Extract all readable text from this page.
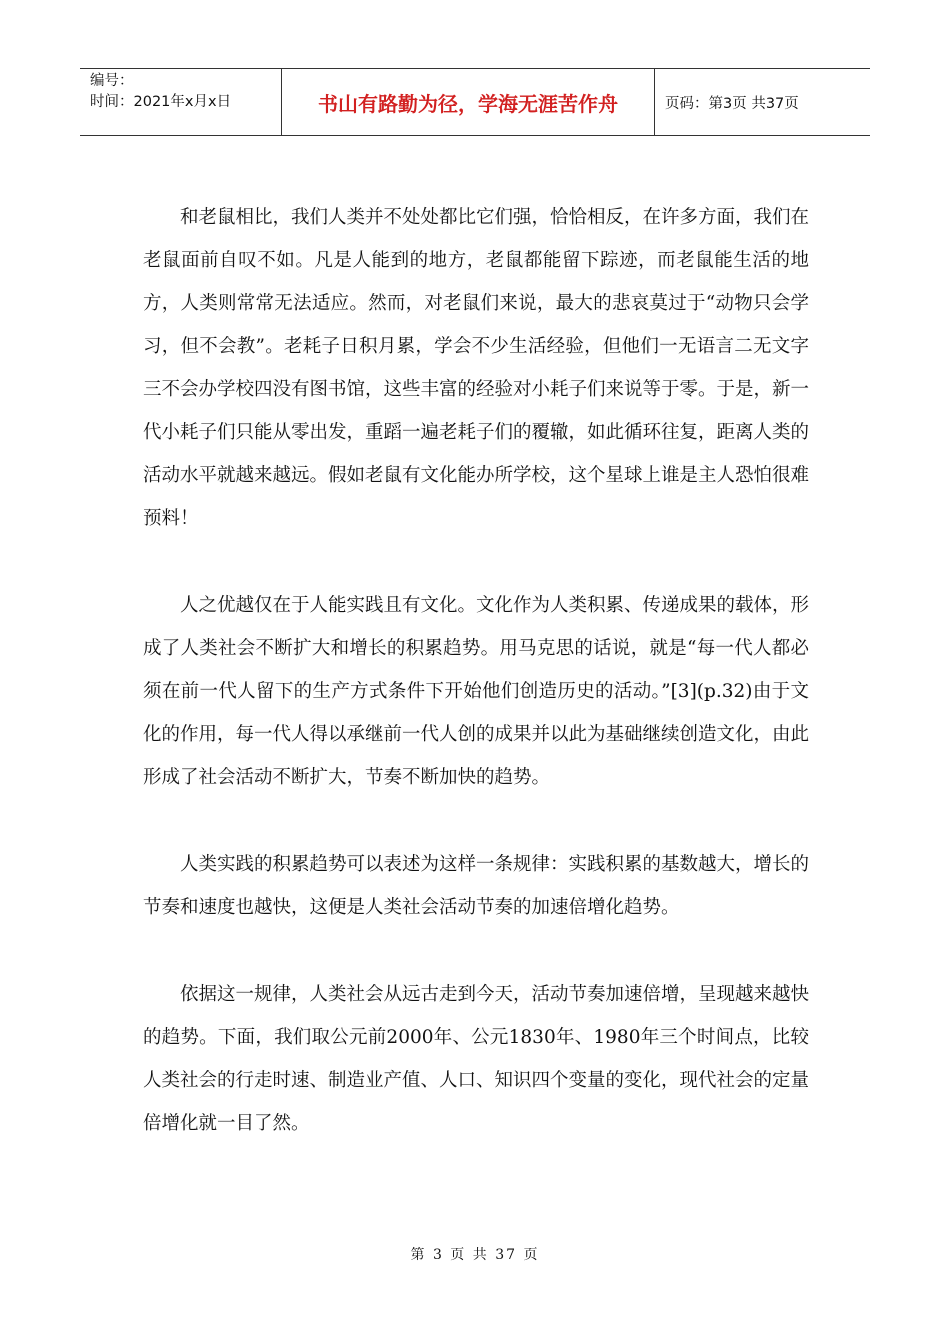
编号：
时间：2021年x月x日	书山有路勤为径，学海无涯苦作舟	页码：第3页 共37页

和老鼠相比，我们人类并不处处都比它们强，恰恰相反，在许多方面，我们在老鼠面前自叹不如。凡是人能到的地方，老鼠都能留下踪迹，而老鼠能生活的地方，人类则常常无法适应。然而，对老鼠们来说，最大的悲哀莫过于“动物只会学习，但不会教”。老耗子日积月累，学会不少生活经验，但他们一无语言二无文字三不会办学校四没有图书馆，这些丰富的经验对小耗子们来说等于零。于是，新一代小耗子们只能从零出发，重蹈一遍老耗子们的覆辙，如此循环往复，距离人类的活动水平就越来越远。假如老鼠有文化能办所学校，这个星球上谁是主人恐怕很难预料！

人之优越仅在于人能实践且有文化。文化作为人类积累、传递成果的载体，形成了人类社会不断扩大和增长的积累趋势。用马克思的话说，就是“每一代人都必须在前一代人留下的生产方式条件下开始他们创造历史的活动。”[3](p.32)由于文化的作用，每一代人得以承继前一代人创的成果并以此为基础继续创造文化，由此形成了社会活动不断扩大，节奏不断加快的趋势。

人类实践的积累趋势可以表述为这样一条规律：实践积累的基数越大，增长的节奏和速度也越快，这便是人类社会活动节奏的加速倍增化趋势。

依据这一规律，人类社会从远古走到今天，活动节奏加速倍增，呈现越来越快的趋势。下面，我们取公元前2000年、公元1830年、1980年三个时间点，比较人类社会的行走时速、制造业产值、人口、知识四个变量的变化，现代社会的定量倍增化就一目了然。

第 3 页 共 37 页
